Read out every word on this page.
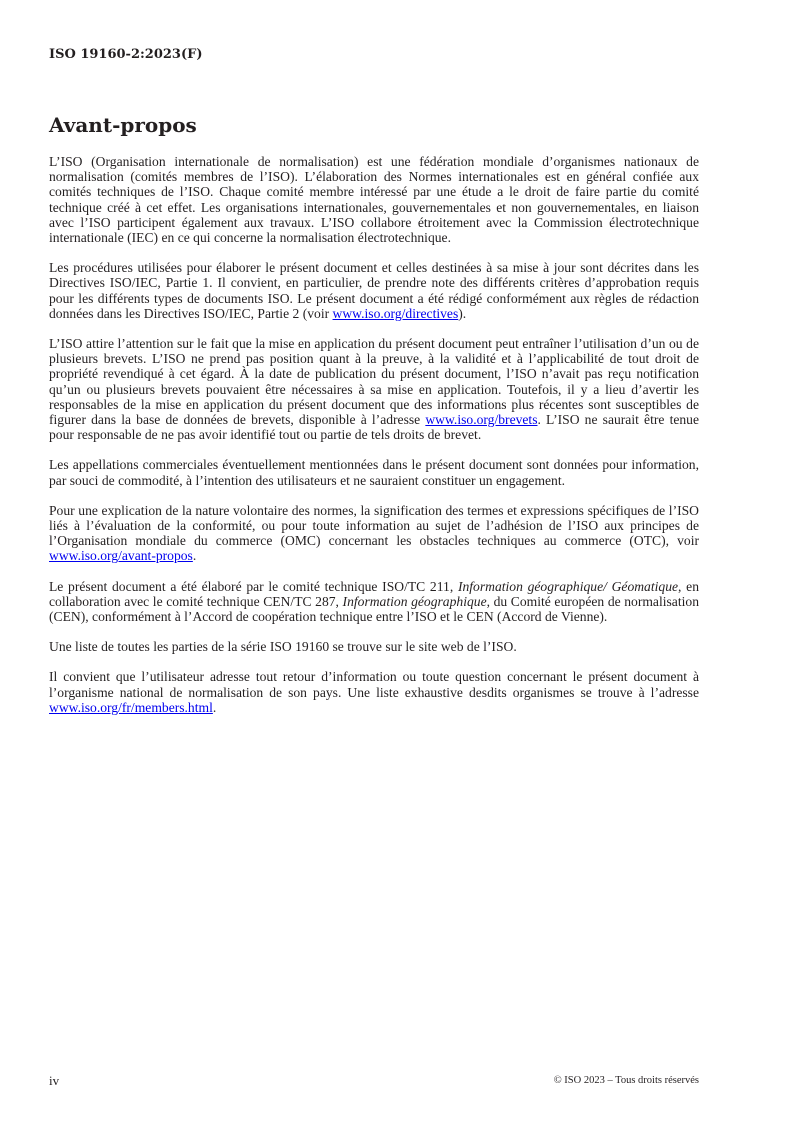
ISO 19160-2:2023(F)
Avant-propos

L’ISO (Organisation internationale de normalisation) est une fédération mondiale d’organismes nationaux de normalisation (comités membres de l’ISO). L’élaboration des Normes internationales est en général confiée aux comités techniques de l’ISO. Chaque comité membre intéressé par une étude a le droit de faire partie du comité technique créé à cet effet. Les organisations internationales, gouvernementales et non gouvernementales, en liaison avec l’ISO participent également aux travaux. L’ISO collabore étroitement avec la Commission électrotechnique internationale (IEC) en ce qui concerne la normalisation électrotechnique.

Les procédures utilisées pour élaborer le présent document et celles destinées à sa mise à jour sont décrites dans les Directives ISO/IEC, Partie 1. Il convient, en particulier, de prendre note des différents critères d’approbation requis pour les différents types de documents ISO. Le présent document a été rédigé conformément aux règles de rédaction données dans les Directives ISO/IEC, Partie 2 (voir www.iso.org/directives).

L’ISO attire l’attention sur le fait que la mise en application du présent document peut entraîner l’utilisation d’un ou de plusieurs brevets. L’ISO ne prend pas position quant à la preuve, à la validité et à l’applicabilité de tout droit de propriété revendiqué à cet égard. À la date de publication du présent document, l’ISO n’avait pas reçu notification qu’un ou plusieurs brevets pouvaient être nécessaires à sa mise en application. Toutefois, il y a lieu d’avertir les responsables de la mise en application du présent document que des informations plus récentes sont susceptibles de figurer dans la base de données de brevets, disponible à l’adresse www.iso.org/brevets. L’ISO ne saurait être tenue pour responsable de ne pas avoir identifié tout ou partie de tels droits de brevet.

Les appellations commerciales éventuellement mentionnées dans le présent document sont données pour information, par souci de commodité, à l’intention des utilisateurs et ne sauraient constituer un engagement.

Pour une explication de la nature volontaire des normes, la signification des termes et expressions spécifiques de l’ISO liés à l’évaluation de la conformité, ou pour toute information au sujet de l’adhésion de l’ISO aux principes de l’Organisation mondiale du commerce (OMC) concernant les obstacles techniques au commerce (OTC), voir www.iso.org/avant-propos.

Le présent document a été élaboré par le comité technique ISO/TC 211, Information géographique/ Géomatique, en collaboration avec le comité technique CEN/TC 287, Information géographique, du Comité européen de normalisation (CEN), conformément à l’Accord de coopération technique entre l’ISO et le CEN (Accord de Vienne).

Une liste de toutes les parties de la série ISO 19160 se trouve sur le site web de l’ISO.

Il convient que l’utilisateur adresse tout retour d’information ou toute question concernant le présent document à l’organisme national de normalisation de son pays. Une liste exhaustive desdits organismes se trouve à l’adresse www.iso.org/fr/members.html.

iv	© ISO 2023 – Tous droits réservés
